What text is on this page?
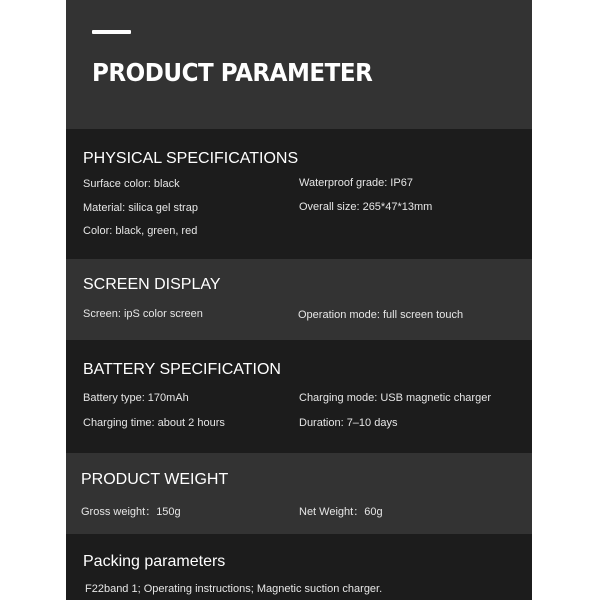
PRODUCT PARAMETER
PHYSICAL SPECIFICATIONS
Surface color: black	Waterproof grade: IP67
Material: silica gel strap	Overall size: 265*47*13mm
Color: black, green, red
SCREEN DISPLAY
Screen: ipS color screen	Operation mode: full screen touch
BATTERY SPECIFICATION
Battery type: 170mAh	Charging mode: USB magnetic charger
Charging time: about 2 hours	Duration: 7–10 days
PRODUCT WEIGHT
Gross weight：150g	Net Weight：60g
Packing parameters
F22band 1; Operating instructions; Magnetic suction charger.
